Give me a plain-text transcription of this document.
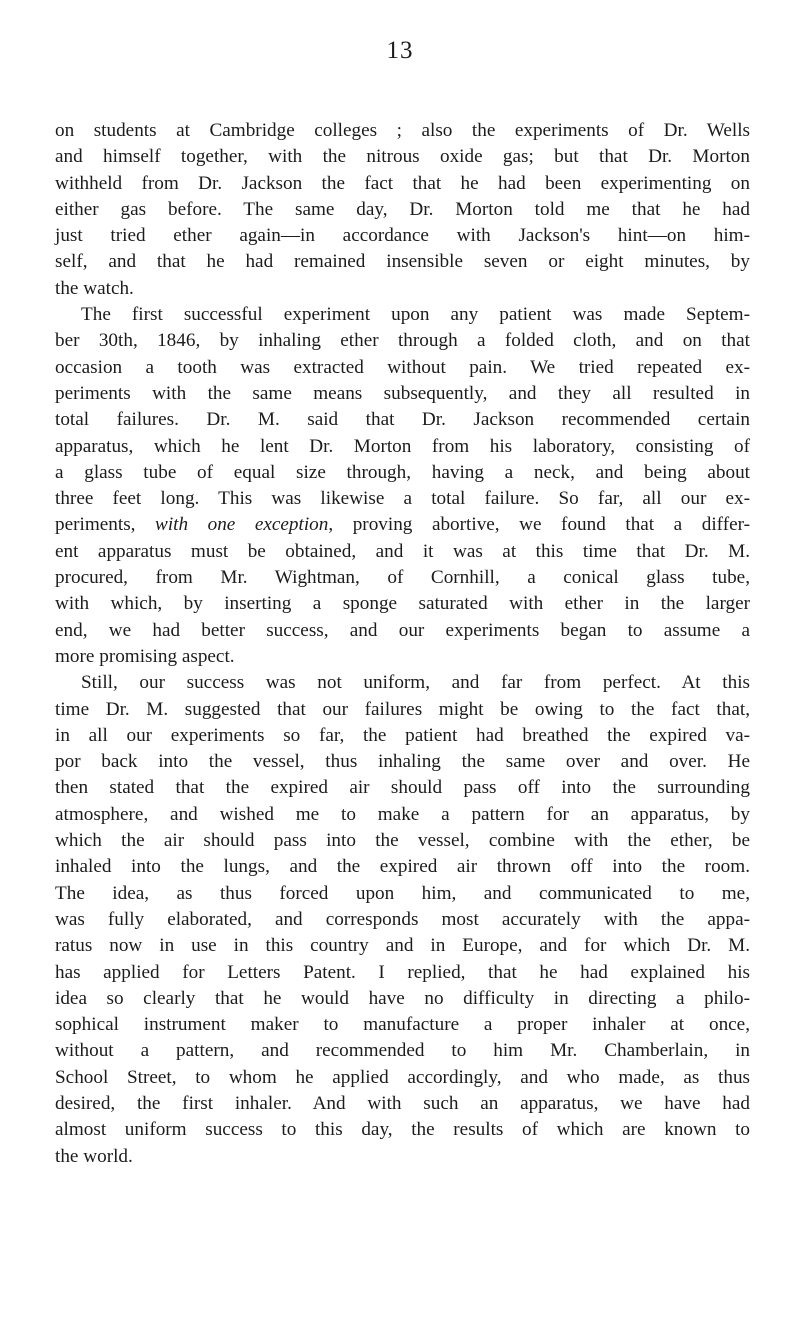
13
on students at Cambridge colleges ; also the experiments of Dr. Wells
and himself together, with the nitrous oxide gas; but that Dr. Morton
withheld from Dr. Jackson the fact that he had been experimenting on
either gas before. The same day, Dr. Morton told me that he had
just tried ether again—in accordance with Jackson's hint—on him-
self, and that he had remained insensible seven or eight minutes, by
the watch.
The first successful experiment upon any patient was made Septem-
ber 30th, 1846, by inhaling ether through a folded cloth, and on that
occasion a tooth was extracted without pain. We tried repeated ex-
periments with the same means subsequently, and they all resulted in
total failures. Dr. M. said that Dr. Jackson recommended certain
apparatus, which he lent Dr. Morton from his laboratory, consisting of
a glass tube of equal size through, having a neck, and being about
three feet long. This was likewise a total failure. So far, all our ex-
periments, with one exception, proving abortive, we found that a differ-
ent apparatus must be obtained, and it was at this time that Dr. M.
procured, from Mr. Wightman, of Cornhill, a conical glass tube,
with which, by inserting a sponge saturated with ether in the larger
end, we had better success, and our experiments began to assume a
more promising aspect.
Still, our success was not uniform, and far from perfect. At this
time Dr. M. suggested that our failures might be owing to the fact that,
in all our experiments so far, the patient had breathed the expired va-
por back into the vessel, thus inhaling the same over and over. He
then stated that the expired air should pass off into the surrounding
atmosphere, and wished me to make a pattern for an apparatus, by
which the air should pass into the vessel, combine with the ether, be
inhaled into the lungs, and the expired air thrown off into the room.
The idea, as thus forced upon him, and communicated to me,
was fully elaborated, and corresponds most accurately with the appa-
ratus now in use in this country and in Europe, and for which Dr. M.
has applied for Letters Patent. I replied, that he had explained his
idea so clearly that he would have no difficulty in directing a philo-
sophical instrument maker to manufacture a proper inhaler at once,
without a pattern, and recommended to him Mr. Chamberlain, in
School Street, to whom he applied accordingly, and who made, as thus
desired, the first inhaler. And with such an apparatus, we have had
almost uniform success to this day, the results of which are known to
the world.
